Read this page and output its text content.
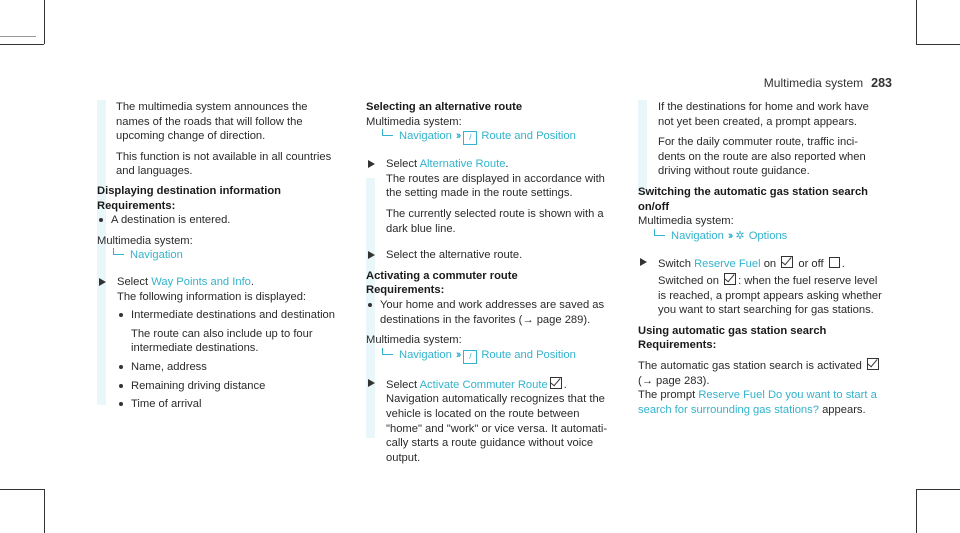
Multimedia system 283

The multimedia system announces the

names of the roads that will follow the

upcoming change of direction.

This function is not available in all countries

and languages.

Displaying destination information

Requirements:

A destination is entered.

Multimedia system:

Navigation

Select Way Points and Info.

The following information is displayed:

Intermediate destinations and destination

The route can also include up to four

intermediate destinations.

Name, address

Remaining driving distance

Time of arrival

Selecting an alternative route

Multimedia system:

Navigation ›› / Route and Position

Select Alternative Route.

The routes are displayed in accordance with

the setting made in the route settings.

The currently selected route is shown with a

dark blue line.

Select the alternative route.

Activating a commuter route

Requirements:

Your home and work addresses are saved as

destinations in the favorites (→ page 289).

Multimedia system:

Navigation ›› / Route and Position

Select Activate Commuter Route .

Navigation automatically recognizes that the

vehicle is located on the route between

"home" and "work" or vice versa. It automati-

cally starts a route guidance without voice

output.

If the destinations for home and work have

not yet been created, a prompt appears.

For the daily commuter route, traffic inci-

dents on the route are also reported when

driving without route guidance.

Switching the automatic gas station search

on/off

Multimedia system:

Navigation ›› ✲ Options

Switch Reserve Fuel on or off .

Switched on : when the fuel reserve level

is reached, a prompt appears asking whether

you want to start searching for gas stations.

Using automatic gas station search

Requirements:

The automatic gas station search is activated

(→ page 283).

The prompt Reserve Fuel Do you want to start a

search for surrounding gas stations? appears.
